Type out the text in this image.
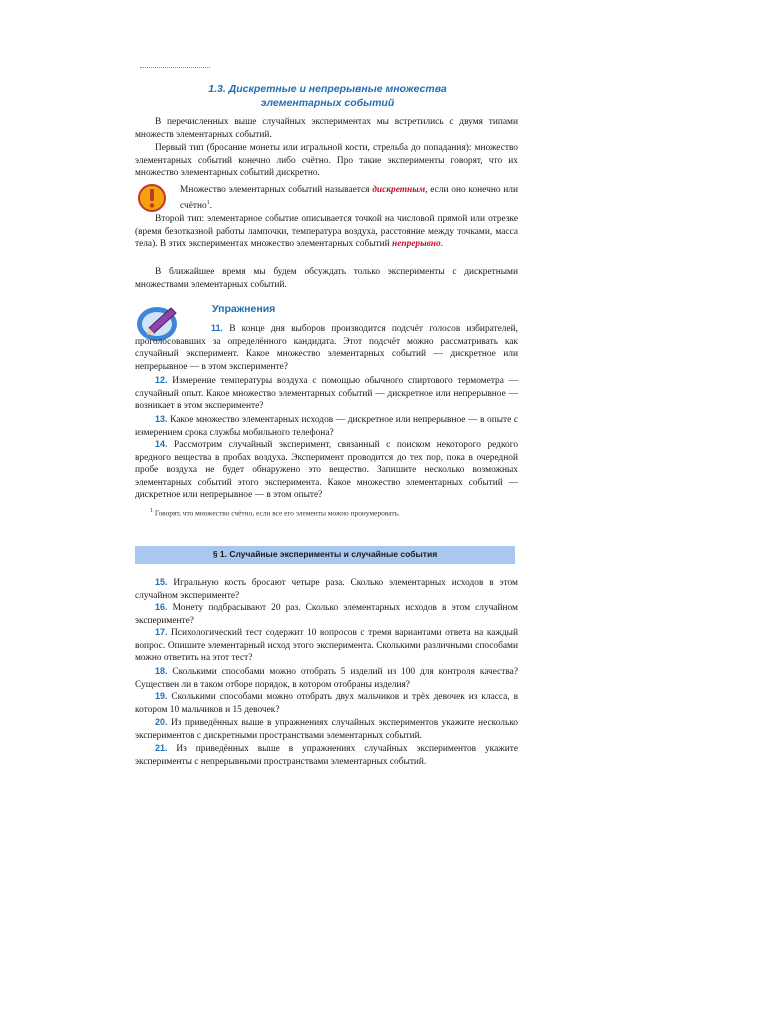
1.3. Дискретные и непрерывные множества
элементарных событий

В перечисленных выше случайных экспериментах мы встретились с двумя типами множеств элементарных событий.

Первый тип (бросание монеты или игральной кости, стрельба до попадания): множество элементарных событий конечно либо счётно. Про такие эксперименты говорят, что их множество элементарных событий дискретно.

Множество элементарных событий называется дискретным, если оно конечно или счётно$^1$.

Второй тип: элементарное событие описывается точкой на числовой прямой или отрезке (время безотказной работы лампочки, температура воздуха, расстояние между точками, масса тела). В этих экспериментах множество элементарных событий непрерывно.

В ближайшее время мы будем обсуждать только эксперименты с дискретными множествами элементарных событий.

Упражнения

11. В конце дня выборов производится подсчёт голосов избирателей, проголосовавших за определённого кандидата. Этот подсчёт можно рассматривать как случайный эксперимент. Какое множество элементарных событий — дискретное или непрерывное — в этом эксперименте?

12. Измерение температуры воздуха с помощью обычного спиртового термометра — случайный опыт. Какое множество элементарных событий — дискретное или непрерывное — возникает в этом эксперименте?

13. Какое множество элементарных исходов — дискретное или непрерывное — в опыте с измерением срока службы мобильного телефона?

14. Рассмотрим случайный эксперимент, связанный с поиском некоторого редкого вредного вещества в пробах воздуха. Эксперимент проводится до тех пор, пока в очередной пробе воздуха не будет обнаружено это вещество. Запишите несколько возможных элементарных событий этого эксперимента. Какое множество элементарных событий — дискретное или непрерывное — в этом опыте?

$^1$ Говорят, что множество счётно, если все его элементы можно пронумеровать.
§ 1. Случайные эксперименты и случайные события

15. Игральную кость бросают четыре раза. Сколько элементарных исходов в этом случайном эксперименте?

16. Монету подбрасывают 20 раз. Сколько элементарных исходов в этом случайном эксперименте?

17. Психологический тест содержит 10 вопросов с тремя вариантами ответа на каждый вопрос. Опишите элементарный исход этого эксперимента. Сколькими различными способами можно ответить на этот тест?

18. Сколькими способами можно отобрать 5 изделий из 100 для контроля качества? Существен ли в таком отборе порядок, в котором отобраны изделия?

19. Сколькими способами можно отобрать двух мальчиков и трёх девочек из класса, в котором 10 мальчиков и 15 девочек?

20. Из приведённых выше в упражнениях случайных экспериментов укажите несколько экспериментов с дискретными пространствами элементарных событий.

21. Из приведённых выше в упражнениях случайных экспериментов укажите эксперименты с непрерывными пространствами элементарных событий.
